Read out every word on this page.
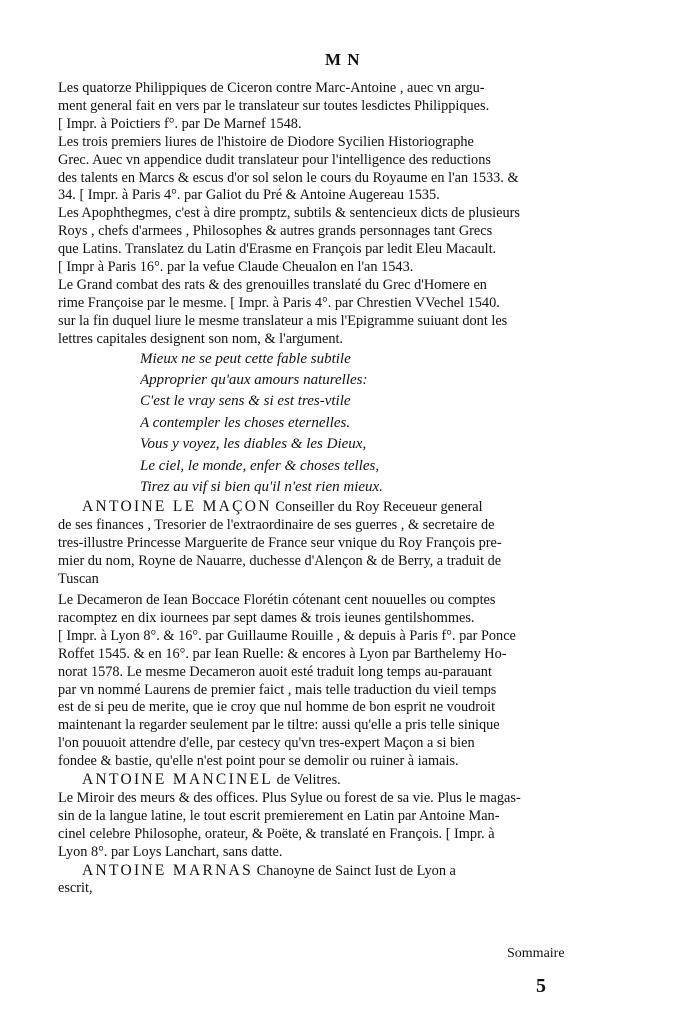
M N
Les quatorze Philippiques de Ciceron contre Marc-Antoine , auec vn argu-
ment general fait en vers par le translateur sur toutes lesdictes Philippiques.
[ Impr. à Poictiers f°. par De Marnef 1548.
Les trois premiers liures de l'histoire de Diodore Sycilien Historiographe
Grec. Auec vn appendice dudit translateur pour l'intelligence des reductions
des talents en Marcs & escus d'or sol selon le cours du Royaume en l'an 1533. &
34. [ Impr. à Paris 4°. par Galiot du Pré & Antoine Augereau 1535.
Les Apophthegmes, c'est à dire promptz, subtils & sentencieux dicts de plusieurs
Roys , chefs d'armees , Philosophes & autres grands personnages tant Grecs
que Latins. Translatez du Latin d'Erasme en François par ledit Eleu Macault.
[ Impr à Paris 16°. par la vefue Claude Cheualon en l'an 1543.
Le Grand combat des rats & des grenouilles translaté du Grec d'Homere en
rime Françoise par le mesme. [ Impr. à Paris 4°. par Chrestien VVechel 1540.
sur la fin duquel liure le mesme translateur a mis l'Epigramme suiuant dont les
lettres capitales designent son nom, & l'argument.
Mieux ne se peut cette fable subtile
Approprier qu'aux amours naturelles:
C'est le vray sens & si est tres-vtile
A contempler les choses eternelles.
Vous y voyez, les diables & les Dieux,
Le ciel, le monde, enfer & choses telles,
Tirez au vif si bien qu'il n'est rien mieux.
ANTOINE LE MAÇON Conseiller du Roy Receueur general
de ses finances , Tresorier de l'extraordinaire de ses guerres , & secretaire de
tres-illustre Princesse Marguerite de France seur vnique du Roy François pre-
mier du nom, Royne de Nauarre, duchesse d'Alençon & de Berry, a traduit de
Tuscan
Le Decameron de Iean Boccace Florétin cótenant cent nouuelles ou comptes
racomptez en dix iournees par sept dames & trois ieunes gentilshommes.
[ Impr. à Lyon 8°. & 16°. par Guillaume Rouille , & depuis à Paris f°. par Ponce
Roffet 1545. & en 16°. par Iean Ruelle: & encores à Lyon par Barthelemy Ho-
norat 1578. Le mesme Decameron auoit esté traduit long temps au-parauant
par vn nommé Laurens de premier faict , mais telle traduction du vieil temps
est de si peu de merite, que ie croy que nul homme de bon esprit ne voudroit
maintenant la regarder seulement par le tiltre: aussi qu'elle a pris telle sinique
l'on pouuoit attendre d'elle, par cestecy qu'vn tres-expert Maçon a si bien
fondee & bastie, qu'elle n'est point pour se demolir ou ruiner à iamais.
ANTOINE MANCINEL de Velitres.
Le Miroir des meurs & des offices. Plus Sylue ou forest de sa vie. Plus le magas-
sin de la langue latine, le tout escrit premierement en Latin par Antoine Man-
cinel celebre Philosophe, orateur, & Poëte, & translaté en François. [ Impr. à
Lyon 8°. par Loys Lanchart, sans datte.
ANTOINE MARNAS Chanoyne de Sainct Iust de Lyon a
escrit,
Sommaire
5
